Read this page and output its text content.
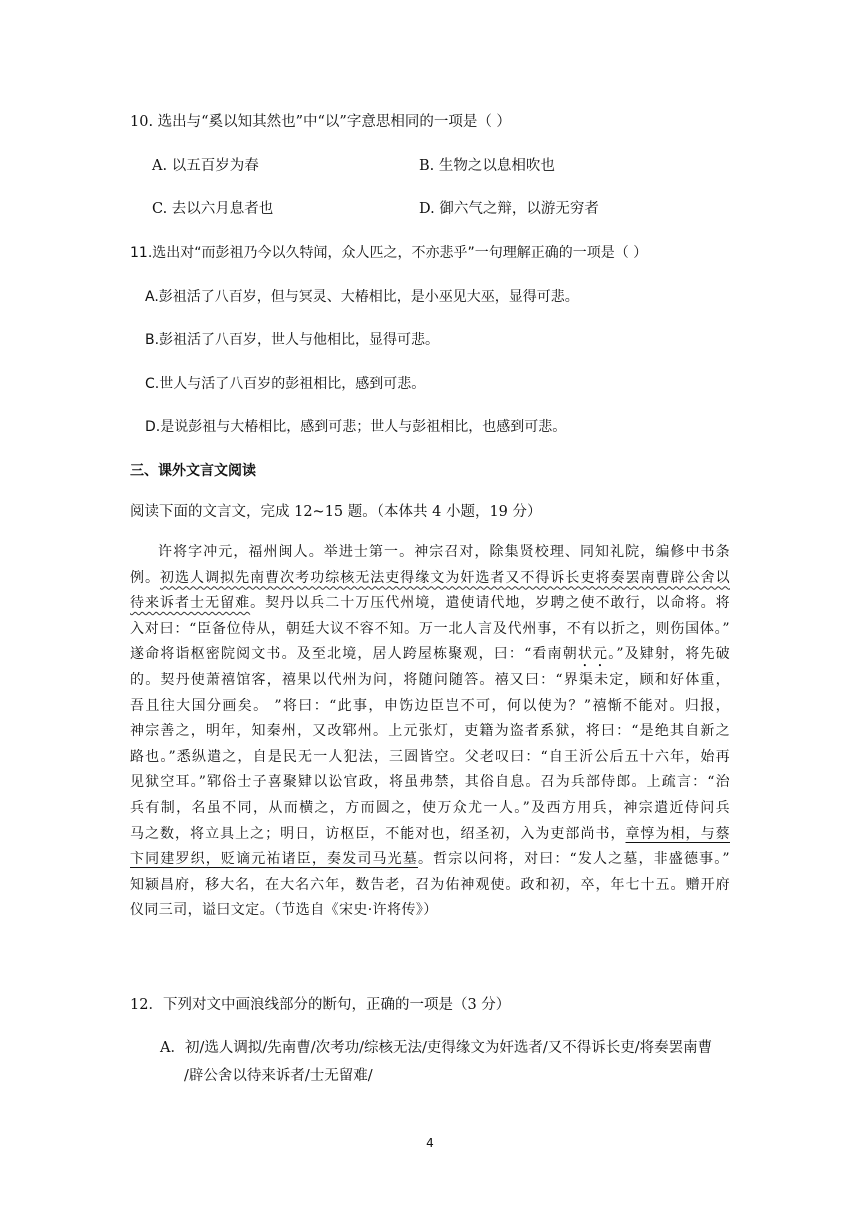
10. 选出与“奚以知其然也”中“以”字意思相同的一项是（ ）
A. 以五百岁为春	B. 生物之以息相吹也
C. 去以六月息者也	D. 御六气之辩，以游无穷者
11.选出对“而彭祖乃今以久特闻，众人匹之，不亦悲乎”一句理解正确的一项是（ ）
A.彭祖活了八百岁，但与冥灵、大椿相比，是小巫见大巫，显得可悲。
B.彭祖活了八百岁，世人与他相比，显得可悲。
C.世人与活了八百岁的彭祖相比，感到可悲。
D.是说彭祖与大椿相比，感到可悲；世人与彭祖相比，也感到可悲。
三、课外文言文阅读
阅读下面的文言文，完成 12~15 题。（本体共 4 小题，19 分）
许将字冲元，福州闽人。举进士第一。神宗召对，除集贤校理、同知礼院，编修中书条
例。初选人调拟先南曹次考功综核无法吏得缘文为奸选者又不得诉长吏将奏罢南曹辟公舍以
待来诉者士无留难。契丹以兵二十万压代州境，遣使请代地，岁聘之使不敢行，以命将。将
入对曰：“臣备位侍从，朝廷大议不容不知。万一北人言及代州事，不有以折之，则伤国体。”
遂命将诣枢密院阅文书。及至北境，居人跨屋栋聚观，曰：“看南朝状元。”及肄射，将先破
的。契丹使萧禧馆客，禧果以代州为问，将随问随答。禧又曰：“界渠未定，顾和好体重，
吾且往大国分画矣。 ”将曰：“此事，申饬边臣岂不可，何以使为？”禧惭不能对。归报，
神宗善之，明年，知秦州，又改郓州。上元张灯，吏籍为盗者系狱，将曰：“是绝其自新之
路也。”悉纵遣之，自是民无一人犯法，三圄皆空。父老叹曰：“自王沂公后五十六年，始再
见狱空耳。”郓俗士子喜聚肄以讼官政，将虽弗禁，其俗自息。召为兵部侍郎。上疏言：“治
兵有制，名虽不同，从而横之，方而圆之，使万众尤一人。”及西方用兵，神宗遣近侍问兵
马之数，将立具上之；明日，访枢臣，不能对也，绍圣初，入为吏部尚书，章惇为相，与蔡
卞同建罗织，贬谪元祐诸臣，奏发司马光墓。哲宗以问将，对曰：“发人之墓，非盛德事。”
知颍昌府，移大名，在大名六年，数告老，召为佑神观使。政和初，卒，年七十五。赠开府
仪同三司，谥曰文定。（节选自《宋史·许将传》）
12．下列对文中画浪线部分的断句，正确的一项是（3 分）
A．初/选人调拟/先南曹/次考功/综核无法/吏得缘文为奸选者/又不得诉长吏/将奏罢南曹
/辟公舍以待来诉者/士无留难/
4
